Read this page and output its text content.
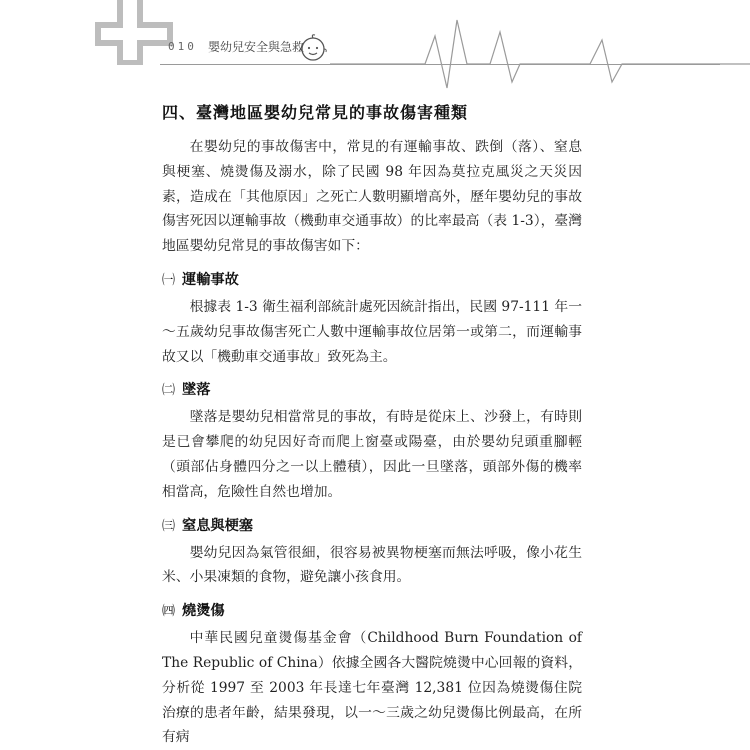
010 嬰幼兒安全與急救
四、臺灣地區嬰幼兒常見的事故傷害種類

在嬰幼兒的事故傷害中，常見的有運輸事故、跌倒（落）、窒息與梗塞、燒燙傷及溺水，除了民國 98 年因為莫拉克風災之天災因素，造成在「其他原因」之死亡人數明顯增高外，歷年嬰幼兒的事故傷害死因以運輸事故（機動車交通事故）的比率最高（表 1-3），臺灣地區嬰幼兒常見的事故傷害如下：

㈠ 運輸事故

根據表 1-3 衛生福利部統計處死因統計指出，民國 97-111 年一～五歲幼兒事故傷害死亡人數中運輸事故位居第一或第二，而運輸事故又以「機動車交通事故」致死為主。

㈡ 墜落

墜落是嬰幼兒相當常見的事故，有時是從床上、沙發上，有時則是已會攀爬的幼兒因好奇而爬上窗臺或陽臺，由於嬰幼兒頭重腳輕（頭部佔身體四分之一以上體積），因此一旦墜落，頭部外傷的機率相當高，危險性自然也增加。

㈢ 窒息與梗塞

嬰幼兒因為氣管很細，很容易被異物梗塞而無法呼吸，像小花生米、小果凍類的食物，避免讓小孩食用。

㈣ 燒燙傷

中華民國兒童燙傷基金會（Childhood Burn Foundation of The Republic of China）依據全國各大醫院燒燙中心回報的資料，分析從 1997 至 2003 年長達七年臺灣 12,381 位因為燒燙傷住院治療的患者年齡，結果發現，以一～三歲之幼兒燙傷比例最高，在所有病
